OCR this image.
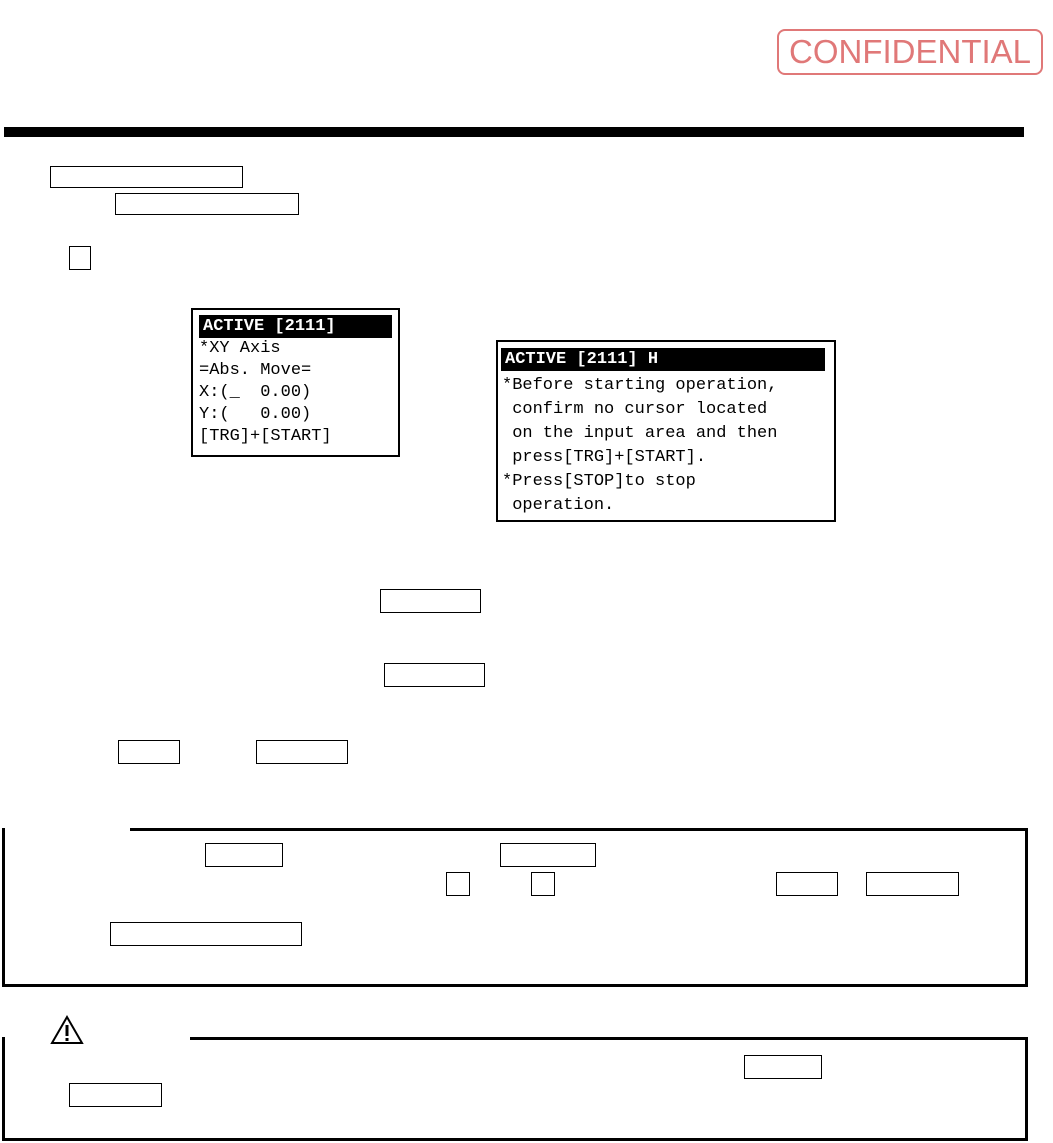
CONFIDENTIAL
ACTIVE [2111]
*XY Axis
=Abs. Move=
X:(_  0.00)
Y:(   0.00)
[TRG]+[START]
ACTIVE [2111] H
*Before starting operation,
confirm no cursor located
on the input area and then
press[TRG]+[START].
*Press[STOP]to stop
operation.
